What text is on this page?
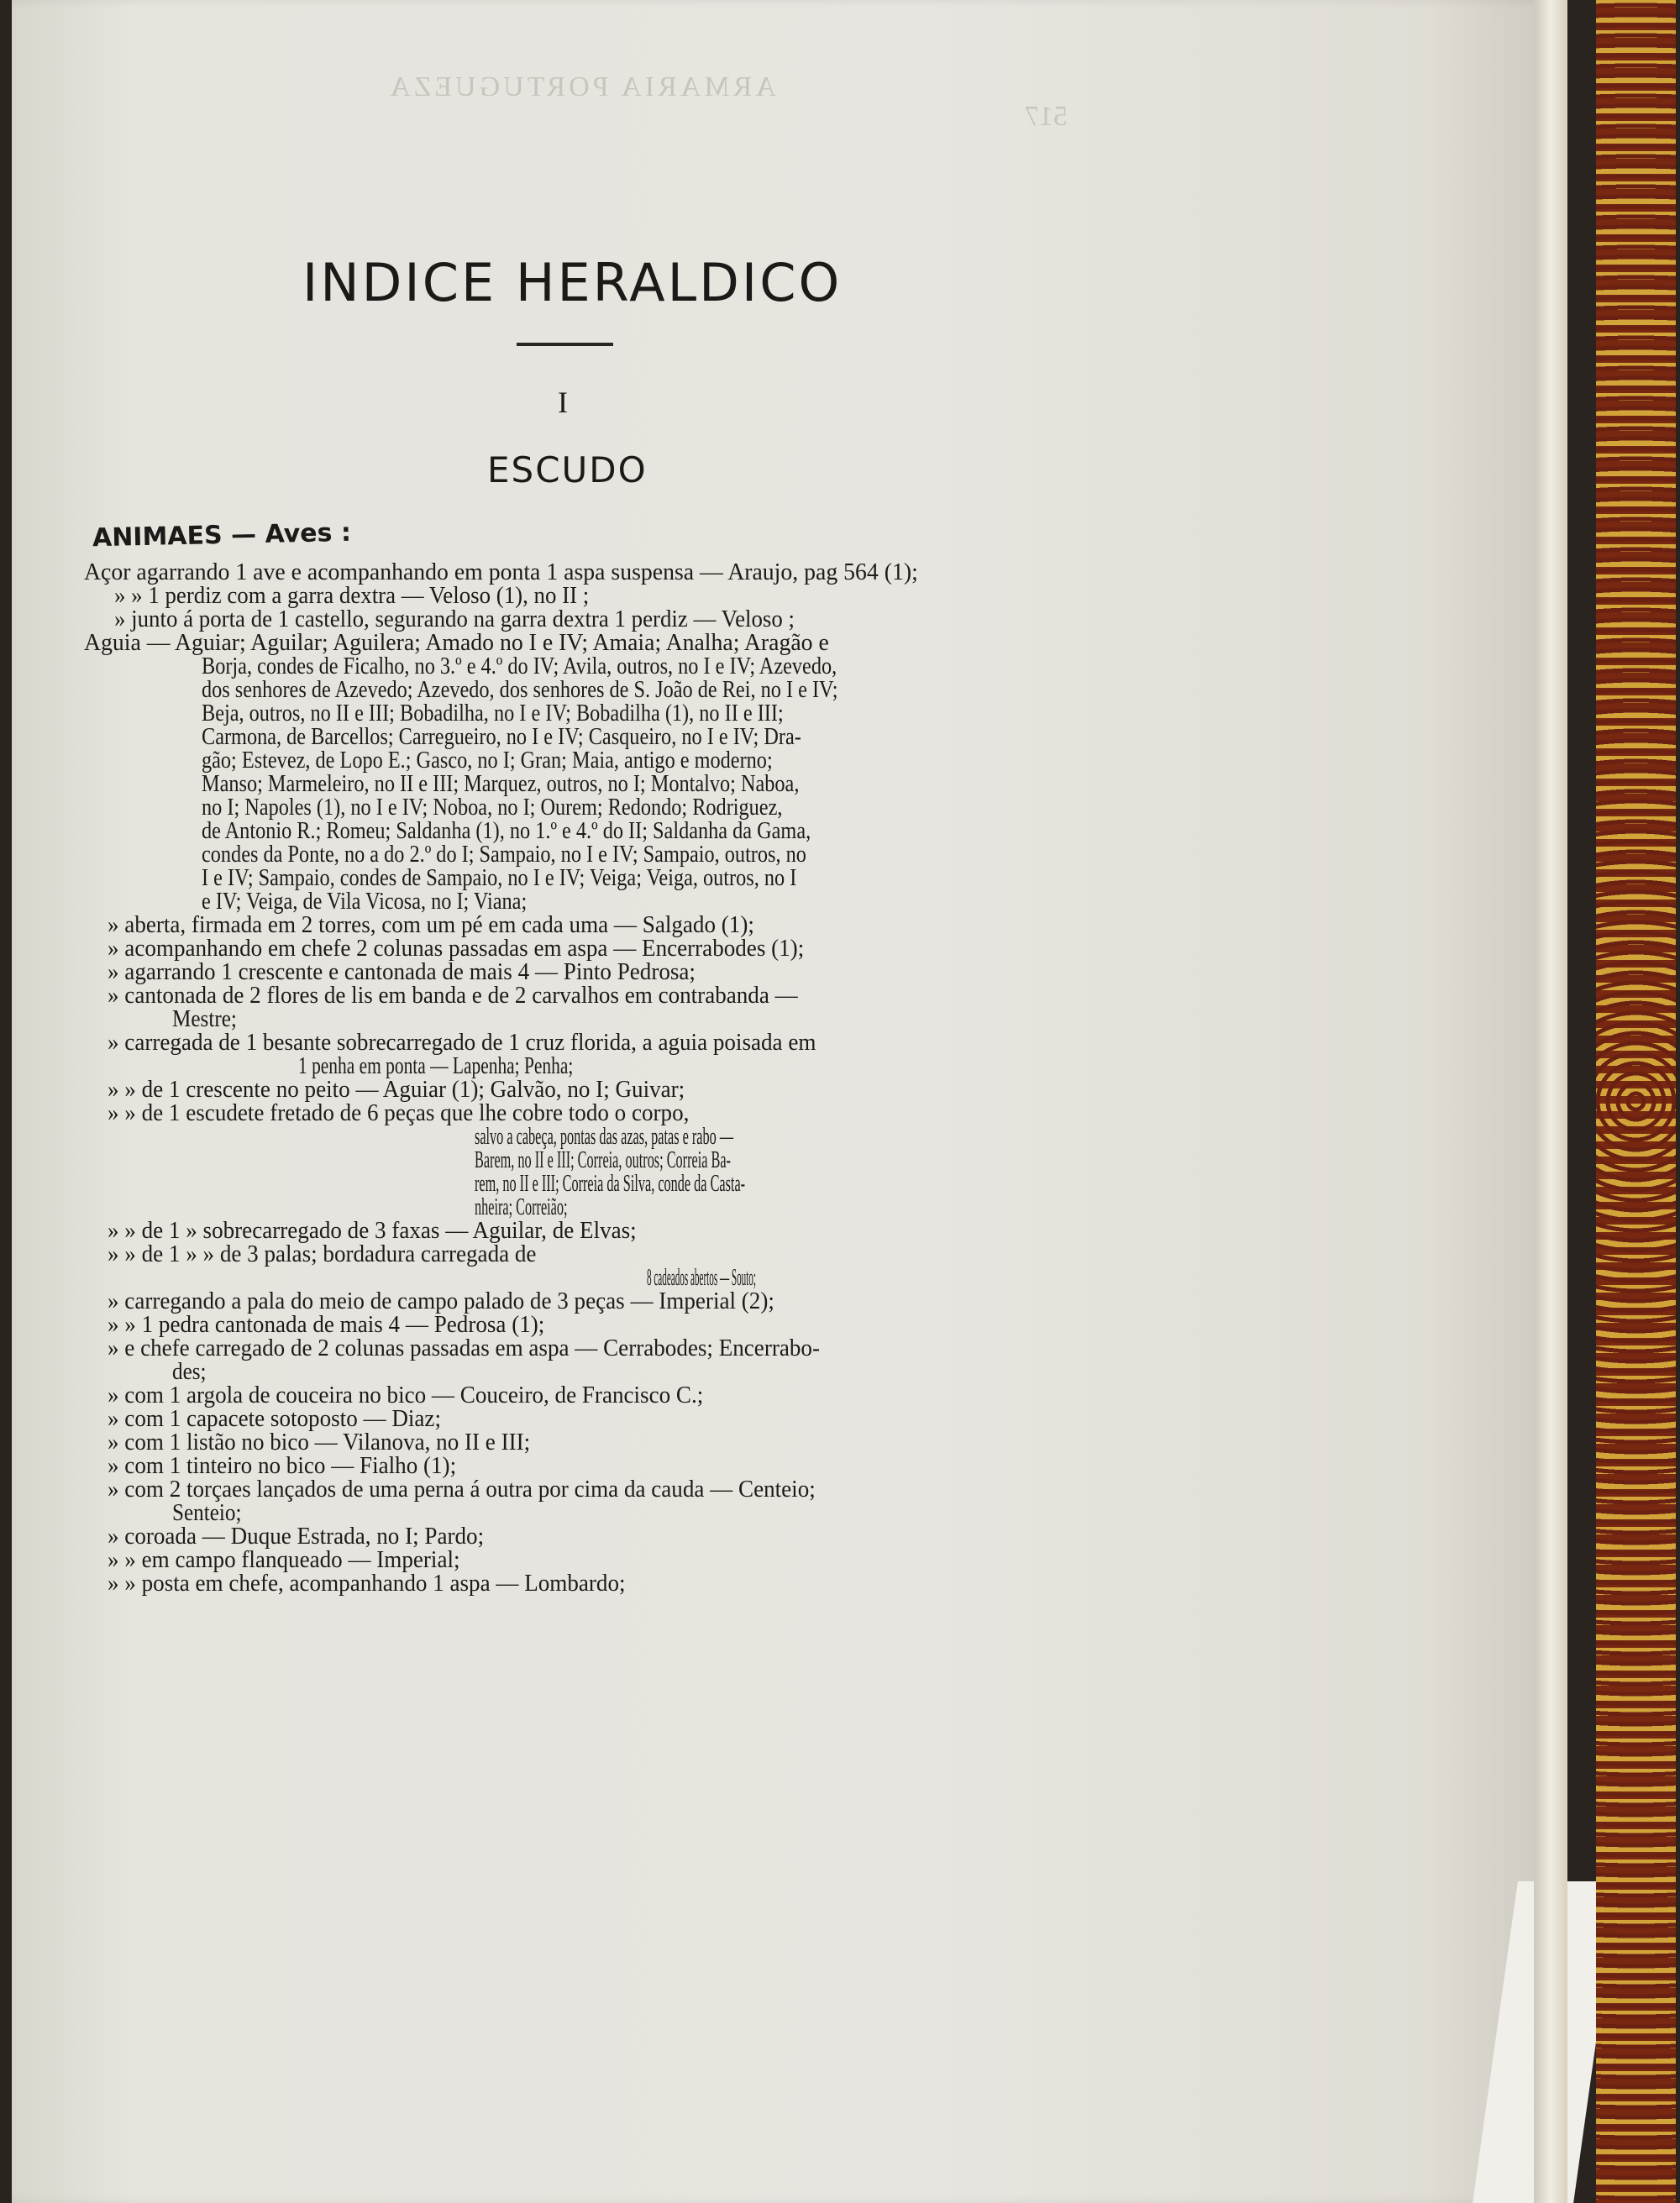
ARMARIA PORTUGUEZA
517
INDICE HERALDICO
I
ESCUDO
ANIMAES — Aves :
Açor agarrando 1 ave e acompanhando em ponta 1 aspa suspensa — Araujo, pag 564 (1);
» » 1 perdiz com a garra dextra — Veloso (1), no II ;
» junto á porta de 1 castello, segurando na garra dextra 1 perdiz — Veloso ;
Aguia — Aguiar; Aguilar; Aguilera; Amado no I e IV; Amaia; Analha; Aragão e
Borja, condes de Ficalho, no 3.º e 4.º do IV; Avila, outros, no I e IV; Azevedo,
dos senhores de Azevedo; Azevedo, dos senhores de S. João de Rei, no I e IV;
Beja, outros, no II e III; Bobadilha, no I e IV; Bobadilha (1), no II e III;
Carmona, de Barcellos; Carregueiro, no I e IV; Casqueiro, no I e IV; Dra-
gão; Estevez, de Lopo E.; Gasco, no I; Gran; Maia, antigo e moderno;
Manso; Marmeleiro, no II e III; Marquez, outros, no I; Montalvo; Naboa,
no I; Napoles (1), no I e IV; Noboa, no I; Ourem; Redondo; Rodriguez,
de Antonio R.; Romeu; Saldanha (1), no 1.º e 4.º do II; Saldanha da Gama,
condes da Ponte, no a do 2.º do I; Sampaio, no I e IV; Sampaio, outros, no
I e IV; Sampaio, condes de Sampaio, no I e IV; Veiga; Veiga, outros, no I
e IV; Veiga, de Vila Vicosa, no I; Viana;
» aberta, firmada em 2 torres, com um pé em cada uma — Salgado (1);
» acompanhando em chefe 2 colunas passadas em aspa — Encerrabodes (1);
» agarrando 1 crescente e cantonada de mais 4 — Pinto Pedrosa;
» cantonada de 2 flores de lis em banda e de 2 carvalhos em contrabanda —
Mestre;
» carregada de 1 besante sobrecarregado de 1 cruz florida, a aguia poisada em
1 penha em ponta — Lapenha; Penha;
» » de 1 crescente no peito — Aguiar (1); Galvão, no I; Guivar;
» » de 1 escudete fretado de 6 peças que lhe cobre todo o corpo,
salvo a cabeça, pontas das azas, patas e rabo —
Barem, no II e III; Correia, outros; Correia Ba-
rem, no II e III; Correia da Silva, conde da Casta-
nheira; Correião;
» » de 1 » sobrecarregado de 3 faxas — Aguilar, de Elvas;
» » de 1 » » de 3 palas; bordadura carregada de
8 cadeados abertos — Souto;
» carregando a pala do meio de campo palado de 3 peças — Imperial (2);
» » 1 pedra cantonada de mais 4 — Pedrosa (1);
» e chefe carregado de 2 colunas passadas em aspa — Cerrabodes; Encerrabo-
des;
» com 1 argola de couceira no bico — Couceiro, de Francisco C.;
» com 1 capacete sotoposto — Diaz;
» com 1 listão no bico — Vilanova, no II e III;
» com 1 tinteiro no bico — Fialho (1);
» com 2 torçaes lançados de uma perna á outra por cima da cauda — Centeio;
Senteio;
» coroada — Duque Estrada, no I; Pardo;
» » em campo flanqueado — Imperial;
» » posta em chefe, acompanhando 1 aspa — Lombardo;
